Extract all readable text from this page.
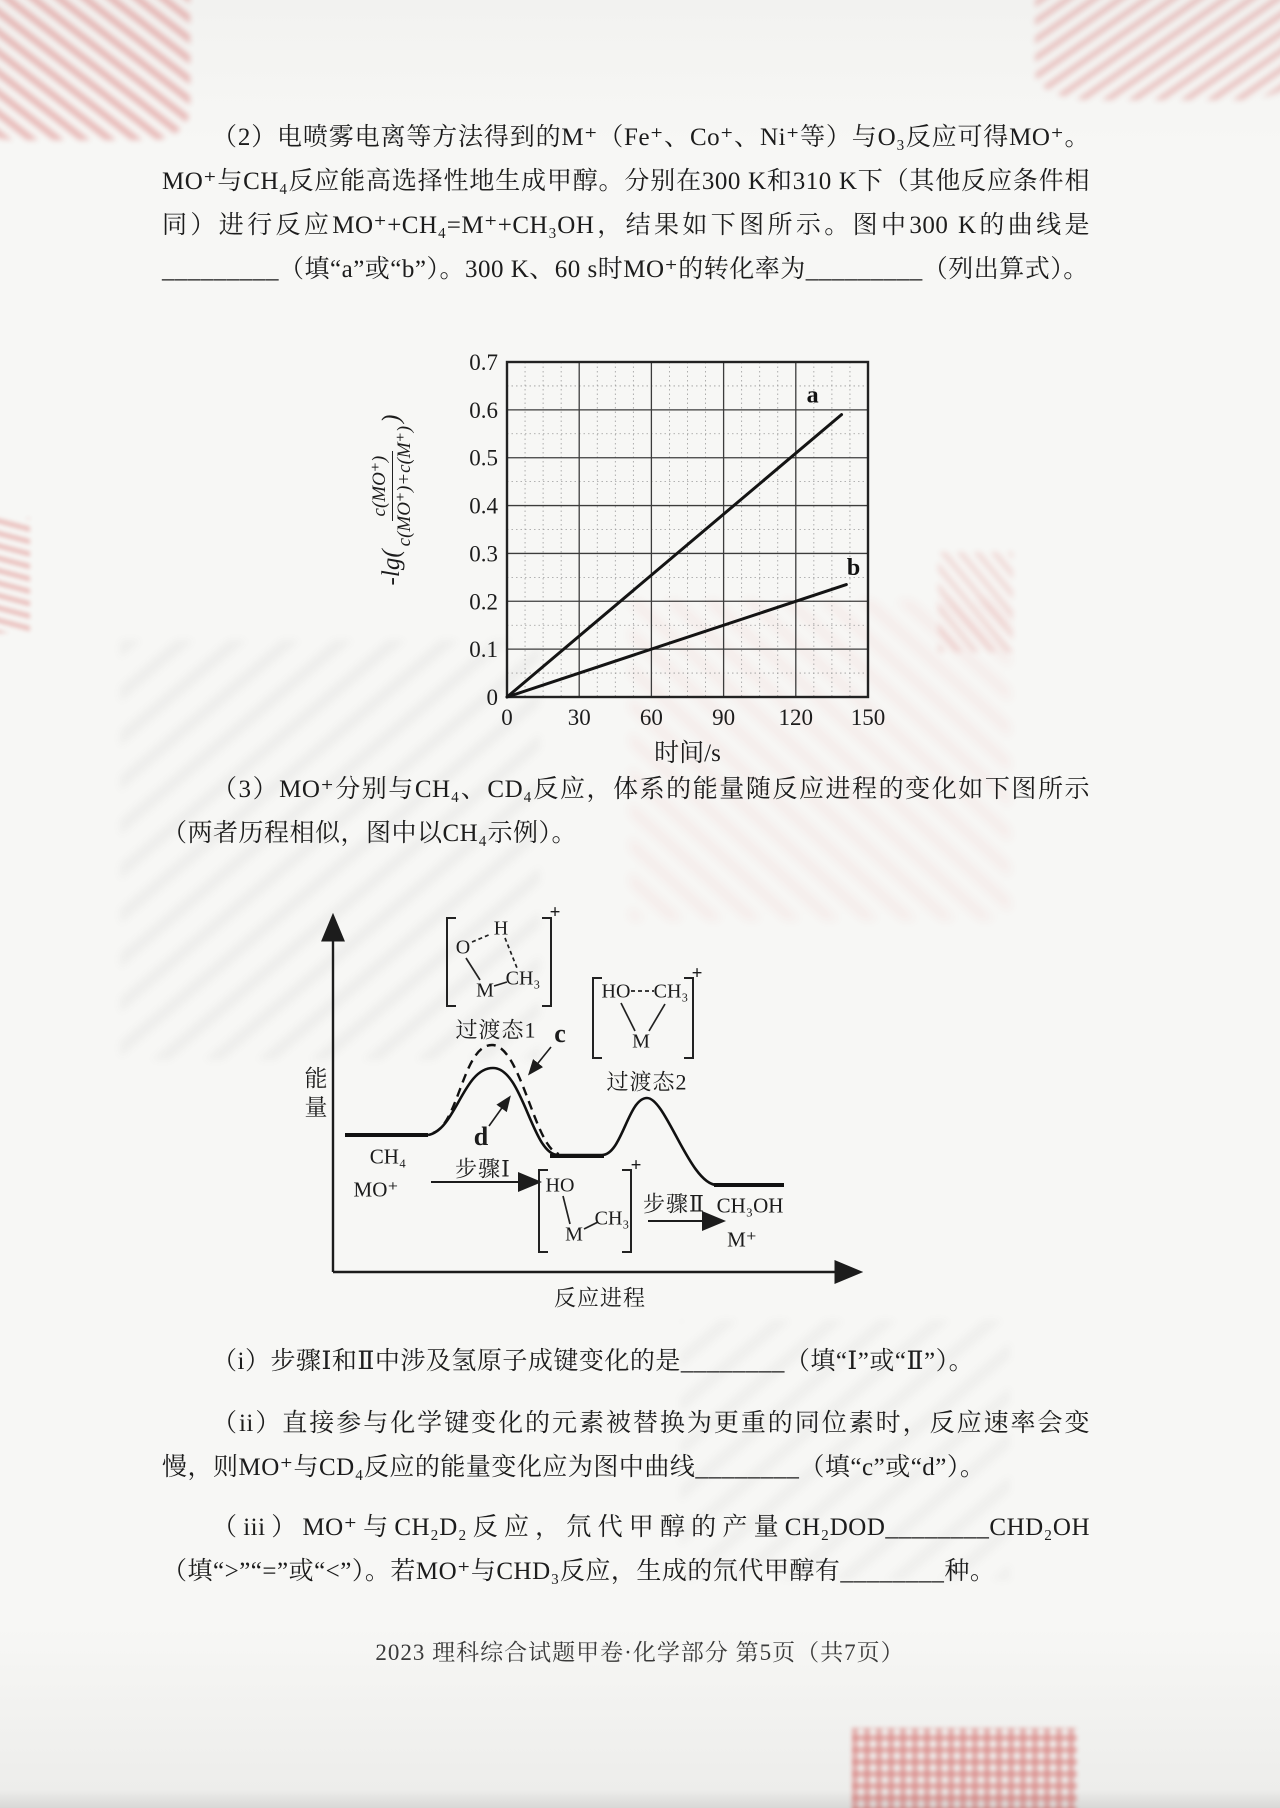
（2）电喷雾电离等方法得到的M⁺（Fe⁺、Co⁺、Ni⁺等）与O₃反应可得MO⁺。MO⁺与CH₄反应能高选择性地生成甲醇。分别在300 K和310 K下（其他反应条件相同）进行反应MO⁺+CH₄=M⁺+CH₃OH，结果如下图所示。图中300 K的曲线是_________（填“a”或“b”）。300 K、60 s时MO⁺的转化率为_________（列出算式）。
-lg(
c(MO⁺) c(MO⁺)+c(M⁺)
)
0 30 60 90 120 150
0
0.1
0.2
0.3
0.4
0.5
0.6
0.7
a
b
时间/s
（3）MO⁺分别与CH₄、CD₄反应，体系的能量随反应进程的变化如下图所示（两者历程相似，图中以CH₄示例）。
能量
反应进程
CH₄
MO⁺
步骤Ⅰ
步骤Ⅱ CH₃OH
M⁺
过渡态1
过渡态2
c
d
O
H
M
CH₃
+
HO CH₃
M
+
HO
M
CH₃
+
（i）步骤Ⅰ和Ⅱ中涉及氢原子成键变化的是________（填“Ⅰ”或“Ⅱ”）。
（ii）直接参与化学键变化的元素被替换为更重的同位素时，反应速率会变慢，则MO⁺与CD₄反应的能量变化应为图中曲线________（填“c”或“d”）。
（iii）MO⁺与CH₂D₂反应，氘代甲醇的产量CH₂DOD________CHD₂OH（填“>”“=”或“<”）。若MO⁺与CHD₃反应，生成的氘代甲醇有________种。
2023 理科综合试题甲卷·化学部分 第5页（共7页）
